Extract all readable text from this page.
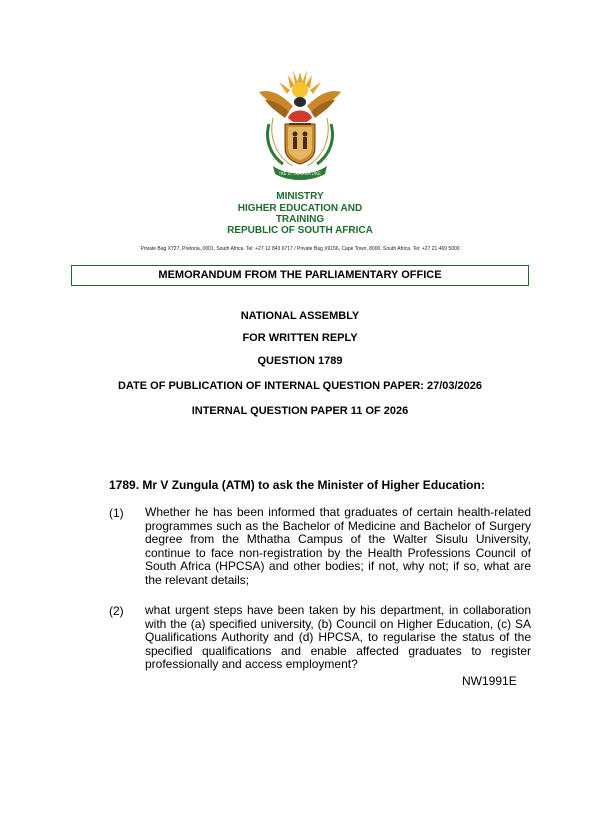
!KE E: /XARRA //KE
MINISTRY
HIGHER EDUCATION AND
TRAINING
REPUBLIC OF SOUTH AFRICA
Private Bag X727, Pretoria, 0001, South Africa. Tel: +27 12 843 6717 / Private Bag X9156, Cape Town, 8000, South Africa. Tel: +27 21 469 5000
MEMORANDUM FROM THE PARLIAMENTARY OFFICE
NATIONAL ASSEMBLY
FOR WRITTEN REPLY
QUESTION 1789
DATE OF PUBLICATION OF INTERNAL QUESTION PAPER: 27/03/2026
INTERNAL QUESTION PAPER 11 OF 2026
1789. Mr V Zungula (ATM) to ask the Minister of Higher Education:
(1) Whether he has been informed that graduates of certain health-related programmes such as the Bachelor of Medicine and Bachelor of Surgery degree from the Mthatha Campus of the Walter Sisulu University, continue to face non-registration by the Health Professions Council of South Africa (HPCSA) and other bodies; if not, why not; if so, what are the relevant details;
(2) what urgent steps have been taken by his department, in collaboration with the (a) specified university, (b) Council on Higher Education, (c) SA Qualifications Authority and (d) HPCSA, to regularise the status of the specified qualifications and enable affected graduates to register professionally and access employment?
NW1991E
